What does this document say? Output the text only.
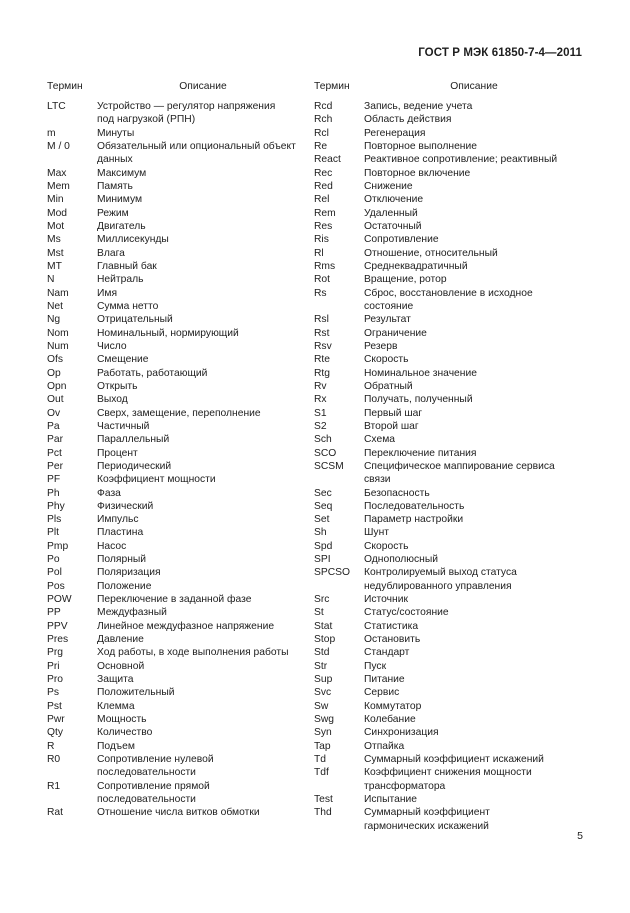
ГОСТ Р МЭК 61850-7-4—2011
Термин	Описание
LTC	Устройство — регулятор напряжения
под нагрузкой (РПН)
m	Минуты
M / 0	Обязательный или опциональный объект
данных
Max	Максимум
Mem	Память
Min	Минимум
Mod	Режим
Mot	Двигатель
Ms	Миллисекунды
Mst	Влага
MT	Главный бак
N	Нейтраль
Nam	Имя
Net	Сумма нетто
Ng	Отрицательный
Nom	Номинальный, нормирующий
Num	Число
Ofs	Смещение
Op	Работать, работающий
Opn	Открыть
Out	Выход
Ov	Сверх, замещение, переполнение
Pa	Частичный
Par	Параллельный
Pct	Процент
Per	Периодический
PF	Коэффициент мощности
Ph	Фаза
Phy	Физический
Pls	Импульс
Plt	Пластина
Pmp	Насос
Po	Полярный
Pol	Поляризация
Pos	Положение
POW	Переключение в заданной фазе
PP	Междуфазный
PPV	Линейное междуфазное напряжение
Pres	Давление
Prg	Ход работы, в ходе выполнения работы
Pri	Основной
Pro	Защита
Ps	Положительный
Pst	Клемма
Pwr	Мощность
Qty	Количество
R	Подъем
R0	Сопротивление нулевой
последовательности
R1	Сопротивление прямой
последовательности
Rat	Отношение числа витков обмотки
Термин	Описание
Rcd	Запись, ведение учета
Rch	Область действия
Rcl	Регенерация
Re	Повторное выполнение
React	Реактивное сопротивление; реактивный
Rec	Повторное включение
Red	Снижение
Rel	Отключение
Rem	Удаленный
Res	Остаточный
Ris	Сопротивление
Rl	Отношение, относительный
Rms	Среднеквадратичный
Rot	Вращение, ротор
Rs	Сброс, восстановление в исходное
состояние
Rsl	Результат
Rst	Ограничение
Rsv	Резерв
Rte	Скорость
Rtg	Номинальное значение
Rv	Обратный
Rx	Получать, полученный
S1	Первый шаг
S2	Второй шаг
Sch	Схема
SCO	Переключение питания
SCSM	Специфическое маппирование сервиса
связи
Sec	Безопасность
Seq	Последовательность
Set	Параметр настройки
Sh	Шунт
Spd	Скорость
SPI	Однополюсный
SPCSO	Контролируемый выход статуса
недублированного управления
Src	Источник
St	Статус/состояние
Stat	Статистика
Stop	Остановить
Std	Стандарт
Str	Пуск
Sup	Питание
Svc	Сервис
Sw	Коммутатор
Swg	Колебание
Syn	Синхронизация
Tap	Отпайка
Td	Суммарный коэффициент искажений
Tdf	Коэффициент снижения мощности
трансформатора
Test	Испытание
Thd	Суммарный коэффициент
гармонических искажений
5
